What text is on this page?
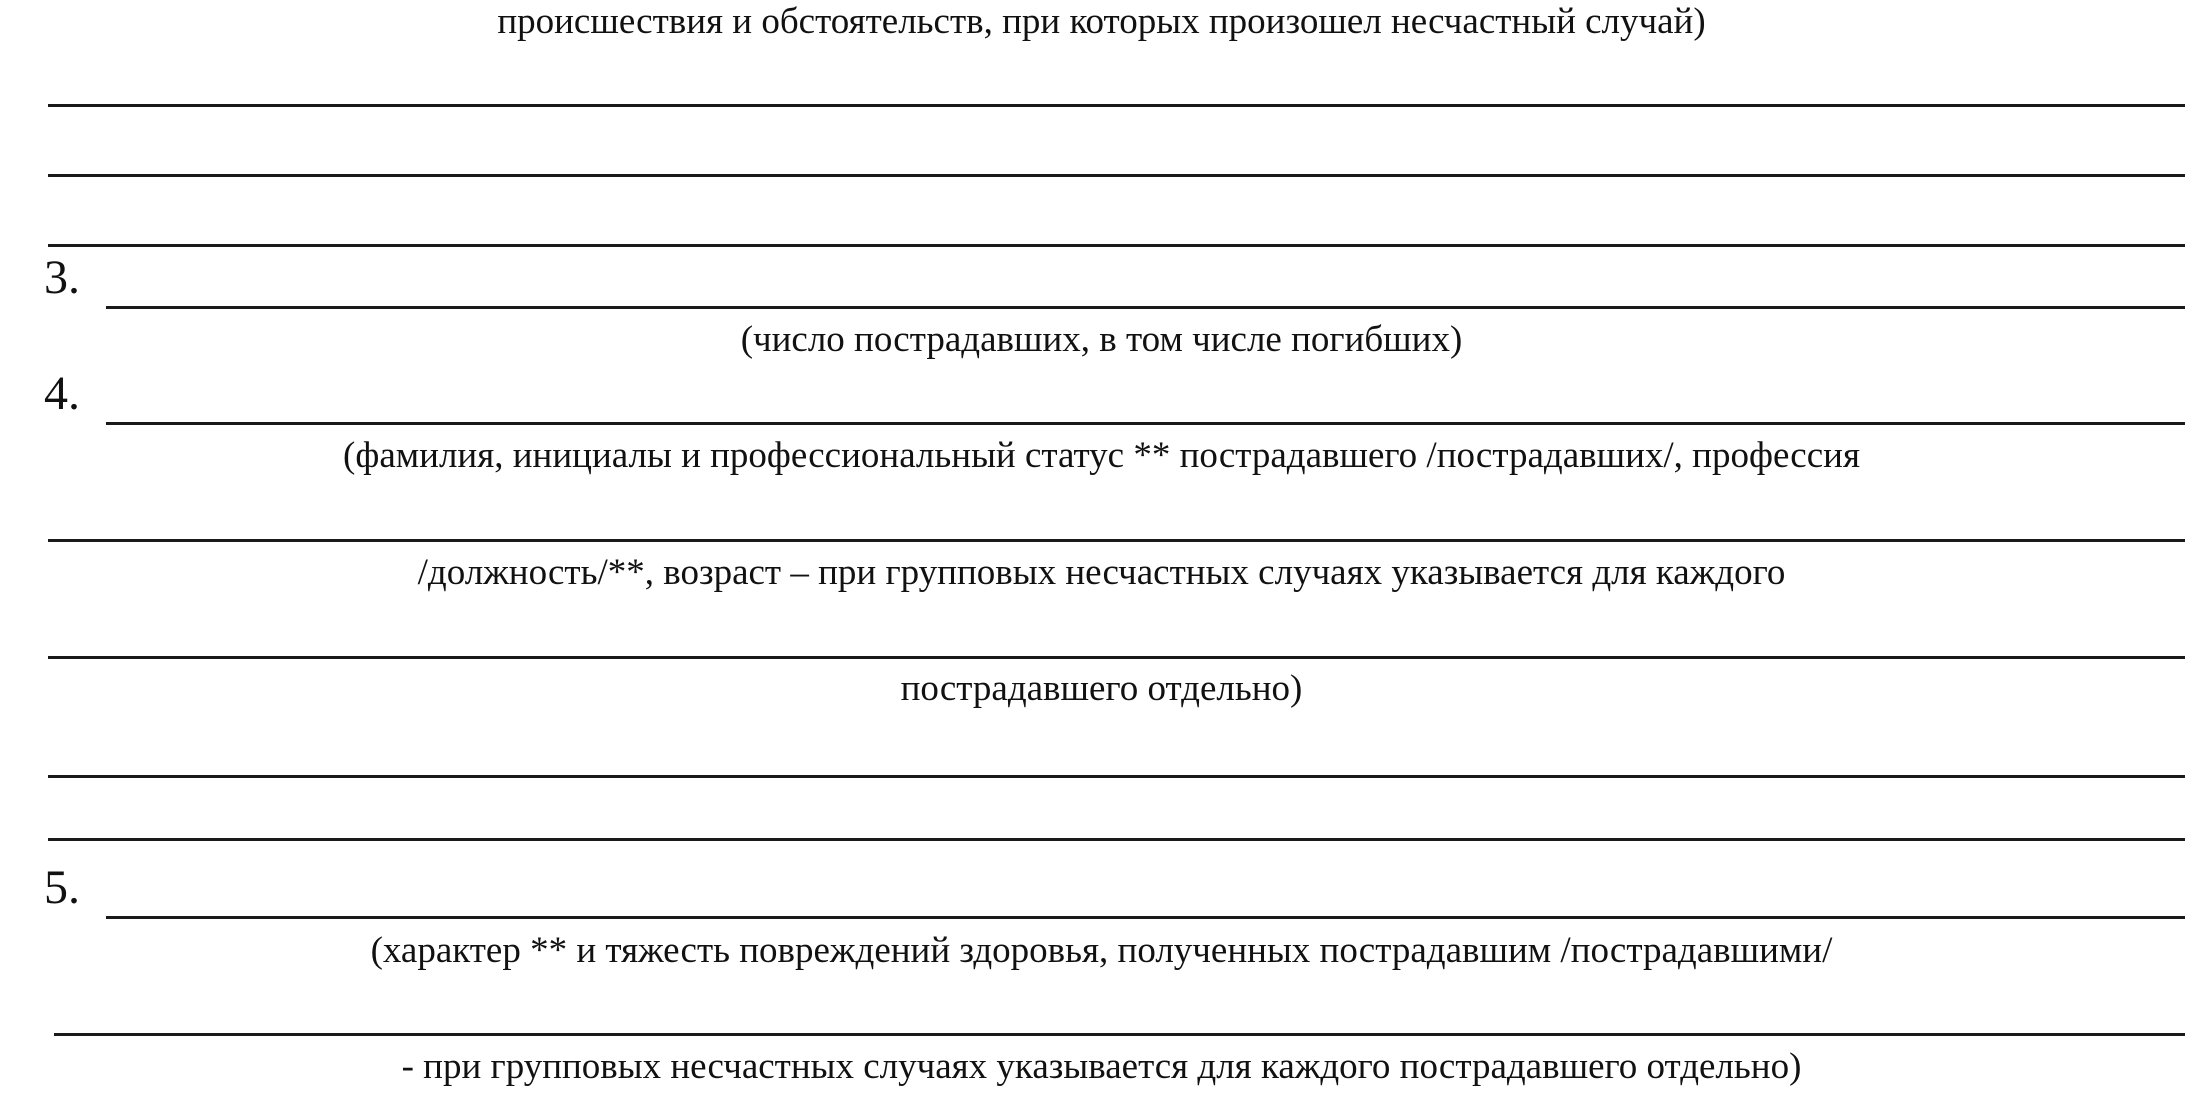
происшествия и обстоятельств, при которых произошел несчастный случай)
3.
(число пострадавших, в том числе погибших)
4.
(фамилия, инициалы и профессиональный статус ** пострадавшего /пострадавших/, профессия
/должность/**, возраст – при групповых несчастных случаях указывается для каждого
пострадавшего отдельно)
5.
(характер ** и тяжесть повреждений здоровья, полученных пострадавшим /пострадавшими/
- при групповых несчастных случаях указывается для каждого пострадавшего отдельно)
